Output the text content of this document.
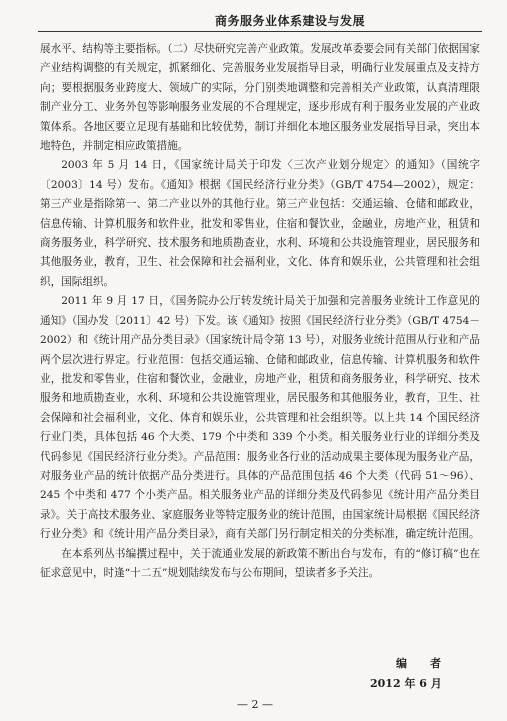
商务服务业体系建设与发展

展水平、结构等主要指标。（二）尽快研究完善产业政策。发展改革委要会同有关部门依据国家产业结构调整的有关规定，抓紧细化、完善服务业发展指导目录，明确行业发展重点及支持方向；要根据服务业跨度大、领域广的实际，分门别类地调整和完善相关产业政策，认真清理限制产业分工、业务外包等影响服务业发展的不合理规定，逐步形成有利于服务业发展的产业政策体系。各地区要立足现有基础和比较优势，制订并细化本地区服务业发展指导目录，突出本地特色，并制定相应政策措施。

2003 年 5 月 14 日，《国家统计局关于印发〈三次产业划分规定〉的通知》（国统字〔2003〕14 号）发布。《通知》根据《国民经济行业分类》（GB/T 4754—2002），规定：第三产业是指除第一、第二产业以外的其他行业。第三产业包括：交通运输、仓储和邮政业，信息传输、计算机服务和软件业，批发和零售业，住宿和餐饮业，金融业，房地产业，租赁和商务服务业，科学研究、技术服务和地质勘查业，水利、环境和公共设施管理业，居民服务和其他服务业，教育，卫生、社会保障和社会福利业，文化、体育和娱乐业，公共管理和社会组织，国际组织。

2011 年 9 月 17 日，《国务院办公厅转发统计局关于加强和完善服务业统计工作意见的通知》（国办发〔2011〕42 号）下发。该《通知》按照《国民经济行业分类》（GB/T 4754－2002）和《统计用产品分类目录》（国家统计局令第 13 号），对服务业统计范围从行业和产品两个层次进行界定。行业范围：包括交通运输、仓储和邮政业，信息传输、计算机服务和软件业，批发和零售业，住宿和餐饮业，金融业，房地产业，租赁和商务服务业，科学研究、技术服务和地质勘查业，水利、环境和公共设施管理业，居民服务和其他服务业，教育，卫生、社会保障和社会福利业，文化、体育和娱乐业，公共管理和社会组织等。以上共 14 个国民经济行业门类，具体包括 46 个大类、179 个中类和 339 个小类。相关服务业行业的详细分类及代码参见《国民经济行业分类》。产品范围：服务业各行业的活动成果主要体现为服务业产品，对服务业产品的统计依据产品分类进行。具体的产品范围包括 46 个大类（代码 51～96）、245 个中类和 477 个小类产品。相关服务业产品的详细分类及代码参见《统计用产品分类目录》。关于高技术服务业、家庭服务业等特定服务业的统计范围，由国家统计局根据《国民经济行业分类》和《统计用产品分类目录》，商有关部门另行制定相关的分类标准，确定统计范围。

在本系列丛书编撰过程中，关于流通业发展的新政策不断出台与发布，有的“修订稿”也在征求意见中，时逢“十二五”规划陆续发布与公布期间，望读者多予关注。

编　者
2012 年 6 月
— 2 —
